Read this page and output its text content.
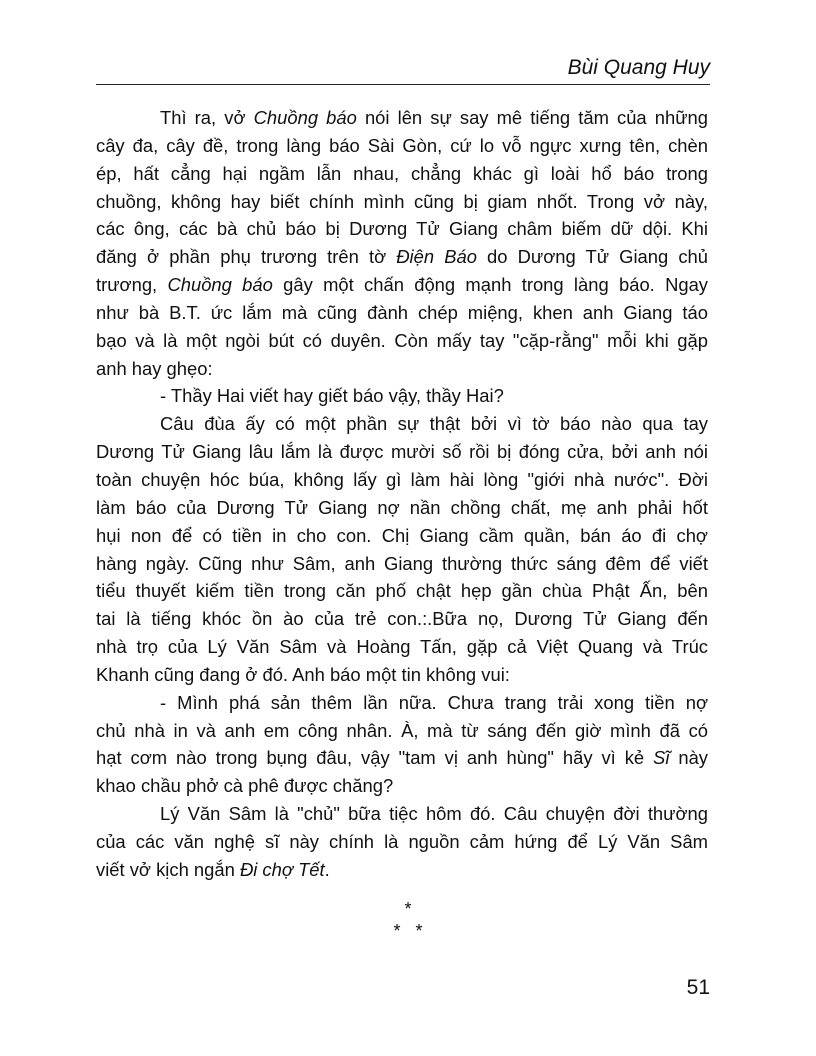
Bùi Quang Huy
Thì ra, vở Chuồng báo nói lên sự say mê tiếng tăm của những
cây đa, cây đề, trong làng báo Sài Gòn, cứ lo vỗ ngực xưng tên, chèn
ép, hất cẳng hại ngầm lẫn nhau, chẳng khác gì loài hổ báo trong
chuồng, không hay biết chính mình cũng bị giam nhốt. Trong vở này,
các ông, các bà chủ báo bị Dương Tử Giang châm biếm dữ dội. Khi
đăng ở phần phụ trương trên tờ Điện Báo do Dương Tử Giang chủ
trương, Chuồng báo gây một chấn động mạnh trong làng báo. Ngay
như bà B.T. ức lắm mà cũng đành chép miệng, khen anh Giang táo
bạo và là một ngòi bút có duyên. Còn mấy tay "cặp-rằng" mỗi khi gặp
anh hay ghẹo:
- Thầy Hai viết hay giết báo vậy, thầy Hai?
Câu đùa ấy có một phần sự thật bởi vì tờ báo nào qua tay
Dương Tử Giang lâu lắm là được mười số rồi bị đóng cửa, bởi anh nói
toàn chuyện hóc búa, không lấy gì làm hài lòng "giới nhà nước". Đời
làm báo của Dương Tử Giang nợ nần chồng chất, mẹ anh phải hốt
hụi non để có tiền in cho con. Chị Giang cầm quần, bán áo đi chợ
hàng ngày. Cũng như Sâm, anh Giang thường thức sáng đêm để viết
tiểu thuyết kiếm tiền trong căn phố chật hẹp gần chùa Phật Ấn, bên
tai là tiếng khóc ồn ào của trẻ con.:.Bữa nọ, Dương Tử Giang đến
nhà trọ của Lý Văn Sâm và Hoàng Tấn, gặp cả Việt Quang và Trúc
Khanh cũng đang ở đó. Anh báo một tin không vui:
- Mình phá sản thêm lần nữa. Chưa trang trải xong tiền nợ
chủ nhà in và anh em công nhân. À, mà từ sáng đến giờ mình đã có
hạt cơm nào trong bụng đâu, vậy "tam vị anh hùng" hãy vì kẻ Sĩ này
khao chầu phở cà phê được chăng?
Lý Văn Sâm là "chủ" bữa tiệc hôm đó. Câu chuyện đời thường
của các văn nghệ sĩ này chính là nguồn cảm hứng để Lý Văn Sâm
viết vở kịch ngắn Đi chợ Tết.
*
*   *
51
